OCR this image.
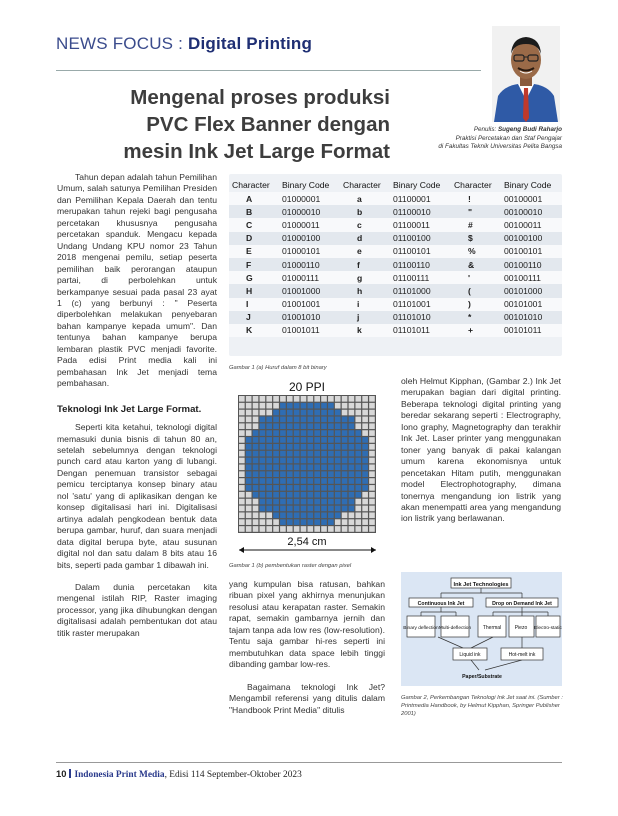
NEWS FOCUS : Digital Printing
Mengenal proses produksi
PVC Flex Banner dengan
mesin Ink Jet Large Format
Penulis: Sugeng Budi Raharjo
Praktisi Percetakan dan Staf Pengajar
di Fakultas Teknik Universitas Pelita Bangsa

Tahun depan adalah tahun Pemilihan Umum, salah satunya Pemilihan Presiden dan Pemilihan Kepala Daerah dan tentu merupakan tahun rejeki bagi pengusaha percetakan khususnya pengusaha percetakan spanduk. Mengacu kepada Undang Undang KPU nomor 23 Tahun 2018 mengenai pemilu, setiap peserta pemilihan baik perorangan ataupun partai, di perbolehkan untuk berkampanye sesuai pada pasal 23 ayat 1 (c) yang berbunyi : " Peserta diperbolehkan melakukan penyebaran bahan kampanye kepada umum". Dan tentunya bahan kampanye berupa lembaran plastik PVC menjadi favorite. Pada edisi Print media kali ini pembahasan Ink Jet menjadi tema pembahasan.

Teknologi Ink Jet Large Format.

Seperti kita ketahui, teknologi digital memasuki dunia bisnis di tahun 80 an, setelah sebelumnya dengan teknologi punch card atau karton yang di lubangi. Dengan penemuan transistor sebagai pemicu terciptanya konsep binary atau nol 'satu' yang di aplikasikan dengan ke konsep digitalisasi hari ini. Digitalisasi artinya adalah pengkodean bentuk data berupa gambar, huruf, dan suara menjadi data digital berupa byte, atau susunan digital nol dan satu dalam 8 bits atau 16 bits, seperti pada gambar 1 dibawah ini.

Dalam dunia percetakan kita mengenal istilah RIP, Raster imaging processor, yang jika dihubungkan dengan digitalisasi adalah pembentukan dot atau titik raster merupakan

Character	Binary Code	Character	Binary Code	Character	Binary Code
A	01000001	a	01100001	!	00100001
B	01000010	b	01100010	"	00100010
C	01000011	c	01100011	#	00100011
D	01000100	d	01100100	$	00100100
E	01000101	e	01100101	%	00100101
F	01000110	f	01100110	&	00100110
G	01000111	g	01100111	'	00100111
H	01001000	h	01101000	(	00101000
I	01001001	i	01101001	)	00101001
J	01001010	j	01101010	*	00101010
K	01001011	k	01101011	+	00101011
Gambar 1 (a) Huruf dalam 8 bit binary
20 PPI
2,54 cm
Gambar 1 (b) pembentukan raster dengan pixel

yang kumpulan bisa ratusan, bahkan ribuan pixel yang akhirnya menunjukan resolusi atau kerapatan raster. Semakin rapat, semakin gambarnya jernih dan tajam tanpa ada low res (low-resolution). Tentu saja gambar hi-res seperti ini membutuhkan data space lebih tinggi dibanding gambar low-res.

Bagaimana teknologi Ink Jet? Mengambil referensi yang ditulis dalam "Handbook Print Media" ditulis

oleh Helmut Kipphan, (Gambar 2.) Ink Jet merupakan bagian dari digital printing. Beberapa teknologi digital printing yang beredar sekarang seperti : Electrography, Iono graphy, Magnetography dan terakhir Ink Jet. Laser printer yang menggunakan toner yang banyak di pakai kalangan umum karena ekonomisnya untuk pencetakan Hitam putih, menggunakan model Electrophotography, dimana tonernya mengandung ion listrik yang akan menempatti area yang mengandung ion listrik yang berlawanan.

Ink Jet Technologies
Continuous Ink Jet	Drop on Demand Ink Jet
Binary deflection Multi-deflection Thermal	Piezo Electro-static
Liquid ink	Hot-melt ink
Paper/Substrate
Gambar 2, Perkembangan Teknologi Ink Jet saat ini. (Sumber : Printmedia Handbook, by Helmut Kipphan, Springer Publisher 2001)
10 Indonesia Print Media, Edisi 114 September-Oktober 2023
